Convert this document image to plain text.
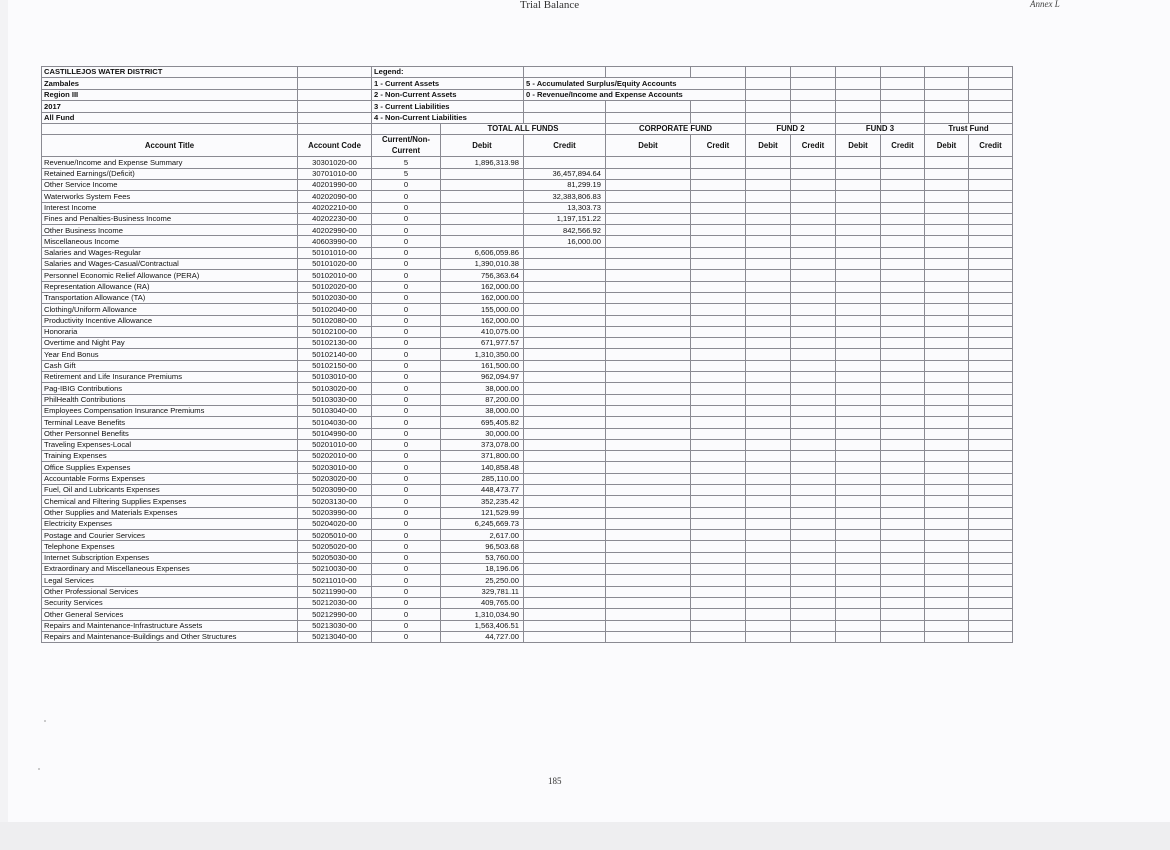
Trial Balance	Annex L
CASTILLEJOS WATER DISTRICT		Legend:										
Zambales		1 - Current Assets		5 - Accumulated Surplus/Equity Accounts								
Region III		2 - Non-Current Assets		0 - Revenue/Income and Expense Accounts								
2017		3 - Current Liabilities										
All Fund		4 - Non-Current Liabilities										
			TOTAL ALL FUNDS		CORPORATE FUND		FUND 2		FUND 3		Trust Fund	
Account Title	Account Code	Current/Non-Current	Debit	Credit	Debit	Credit	Debit	Credit	Debit	Credit	Debit	Credit
Revenue/Income and Expense Summary	30301020-00	5	1,896,313.98									
Retained Earnings/(Deficit)	30701010-00	5		36,457,894.64								
Other Service Income	40201990-00	0		81,299.19								
Waterworks System Fees	40202090-00	0		32,383,806.83								
Interest Income	40202210-00	0		13,303.73								
Fines and Penalties-Business Income	40202230-00	0		1,197,151.22								
Other Business Income	40202990-00	0		842,566.92								
Miscellaneous Income	40603990-00	0		16,000.00								
Salaries and Wages-Regular	50101010-00	0	6,606,059.86									
Salaries and Wages-Casual/Contractual	50101020-00	0	1,390,010.38									
Personnel Economic Relief Allowance (PERA)	50102010-00	0	756,363.64									
Representation Allowance (RA)	50102020-00	0	162,000.00									
Transportation Allowance (TA)	50102030-00	0	162,000.00									
Clothing/Uniform Allowance	50102040-00	0	155,000.00									
Productivity Incentive Allowance	50102080-00	0	162,000.00									
Honoraria	50102100-00	0	410,075.00									
Overtime and Night Pay	50102130-00	0	671,977.57									
Year End Bonus	50102140-00	0	1,310,350.00									
Cash Gift	50102150-00	0	161,500.00									
Retirement and Life Insurance Premiums	50103010-00	0	962,094.97									
Pag-IBIG Contributions	50103020-00	0	38,000.00									
PhilHealth Contributions	50103030-00	0	87,200.00									
Employees Compensation Insurance Premiums	50103040-00	0	38,000.00									
Terminal Leave Benefits	50104030-00	0	695,405.82									
Other Personnel Benefits	50104990-00	0	30,000.00									
Traveling Expenses-Local	50201010-00	0	373,078.00									
Training Expenses	50202010-00	0	371,800.00									
Office Supplies Expenses	50203010-00	0	140,858.48									
Accountable Forms Expenses	50203020-00	0	285,110.00									
Fuel, Oil and Lubricants Expenses	50203090-00	0	448,473.77									
Chemical and Filtering Supplies Expenses	50203130-00	0	352,235.42									
Other Supplies and Materials Expenses	50203990-00	0	121,529.99									
Electricity Expenses	50204020-00	0	6,245,669.73									
Postage and Courier Services	50205010-00	0	2,617.00									
Telephone Expenses	50205020-00	0	96,503.68									
Internet Subscription Expenses	50205030-00	0	53,760.00									
Extraordinary and Miscellaneous Expenses	50210030-00	0	18,196.06									
Legal Services	50211010-00	0	25,250.00									
Other Professional Services	50211990-00	0	329,781.11									
Security Services	50212030-00	0	409,765.00									
Other General Services	50212990-00	0	1,310,034.90									
Repairs and Maintenance-Infrastructure Assets	50213030-00	0	1,563,406.51									
Repairs and Maintenance-Buildings and Other Structures	50213040-00	0	44,727.00									
185
